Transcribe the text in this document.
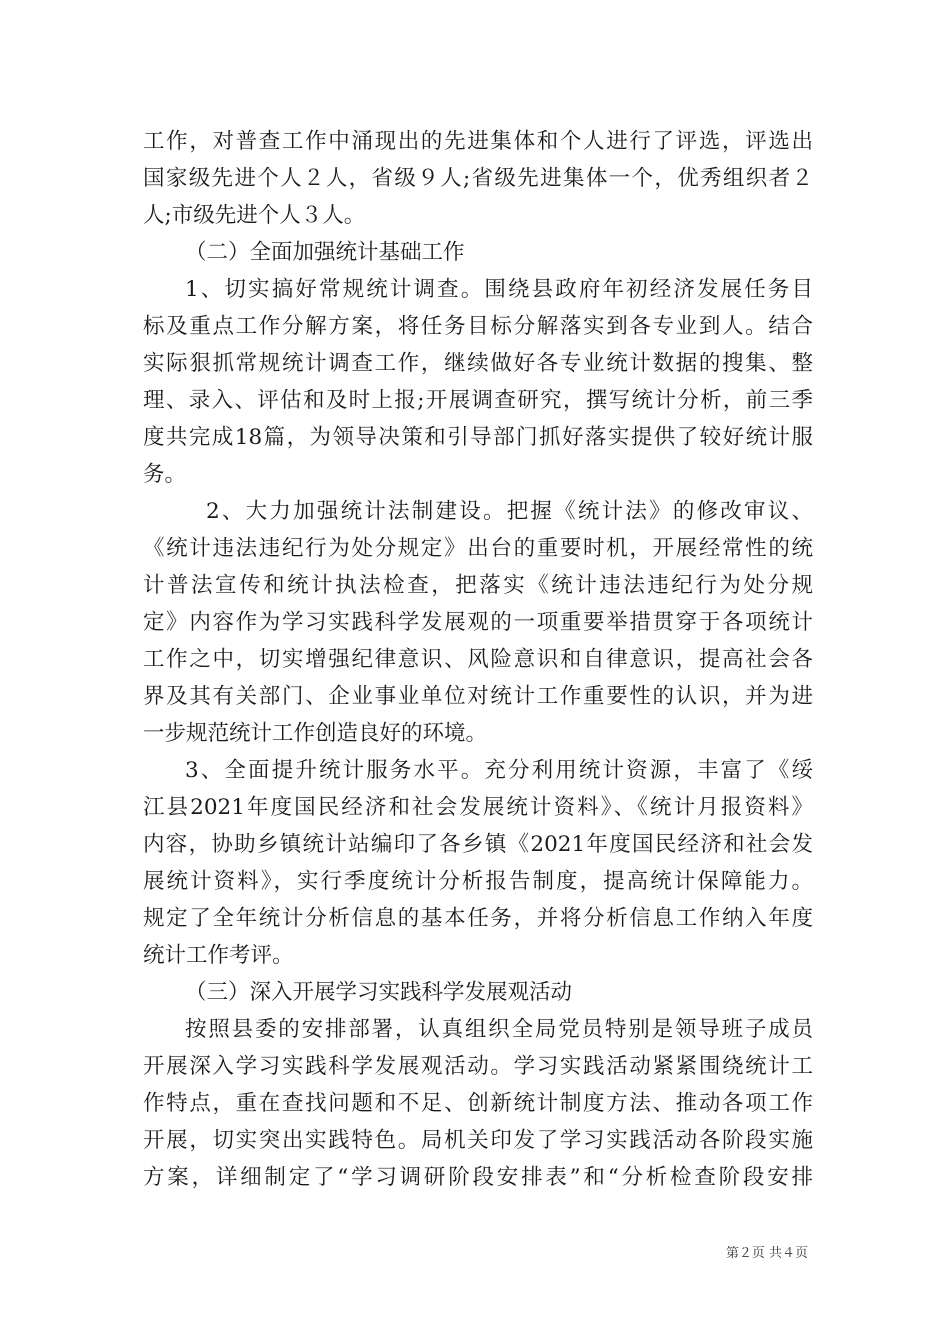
工作，对普查工作中涌现出的先进集体和个人进行了评选，评选出
国家级先进个人２人，省级９人;省级先进集体一个，优秀组织者２
人;市级先进个人３人。
（二）全面加强统计基础工作
1、切实搞好常规统计调查。围绕县政府年初经济发展任务目
标及重点工作分解方案，将任务目标分解落实到各专业到人。结合
实际狠抓常规统计调查工作，继续做好各专业统计数据的搜集、整
理、录入、评估和及时上报;开展调查研究，撰写统计分析，前三季
度共完成18篇，为领导决策和引导部门抓好落实提供了较好统计服
务。
2、大力加强统计法制建设。把握《统计法》的修改审议、
《统计违法违纪行为处分规定》出台的重要时机，开展经常性的统
计普法宣传和统计执法检查，把落实《统计违法违纪行为处分规
定》内容作为学习实践科学发展观的一项重要举措贯穿于各项统计
工作之中，切实增强纪律意识、风险意识和自律意识，提高社会各
界及其有关部门、企业事业单位对统计工作重要性的认识，并为进
一步规范统计工作创造良好的环境。
3、全面提升统计服务水平。充分利用统计资源，丰富了《绥
江县2021年度国民经济和社会发展统计资料》、《统计月报资料》
内容，协助乡镇统计站编印了各乡镇《2021年度国民经济和社会发
展统计资料》，实行季度统计分析报告制度，提高统计保障能力。
规定了全年统计分析信息的基本任务，并将分析信息工作纳入年度
统计工作考评。
（三）深入开展学习实践科学发展观活动
按照县委的安排部署，认真组织全局党员特别是领导班子成员
开展深入学习实践科学发展观活动。学习实践活动紧紧围绕统计工
作特点，重在查找问题和不足、创新统计制度方法、推动各项工作
开展，切实突出实践特色。局机关印发了学习实践活动各阶段实施
方案，详细制定了“学习调研阶段安排表”和“分析检查阶段安排
第２页 共４页
